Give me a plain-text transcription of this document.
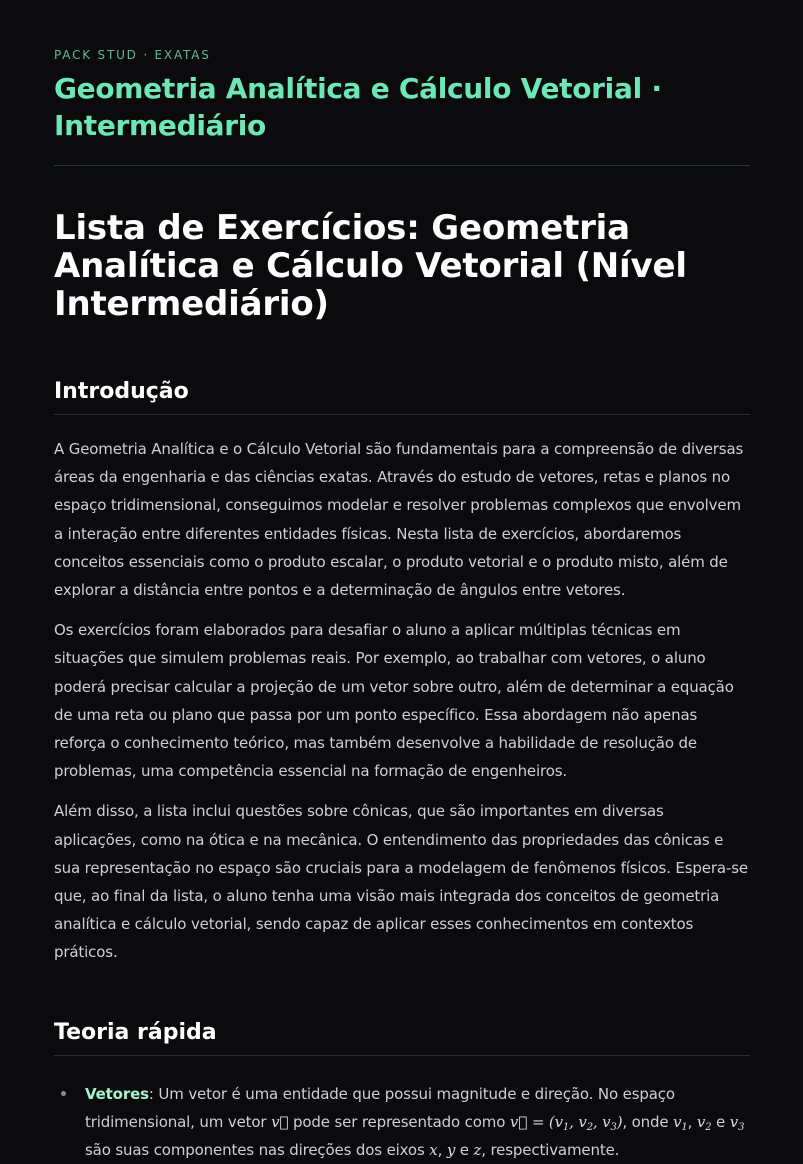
PACK STUD · EXATAS
Geometria Analítica e Cálculo Vetorial · Intermediário
Lista de Exercícios: Geometria Analítica e Cálculo Vetorial (Nível Intermediário)
Introdução

A Geometria Analítica e o Cálculo Vetorial são fundamentais para a compreensão de diversas áreas da engenharia e das ciências exatas. Através do estudo de vetores, retas e planos no espaço tridimensional, conseguimos modelar e resolver problemas complexos que envolvem a interação entre diferentes entidades físicas. Nesta lista de exercícios, abordaremos conceitos essenciais como o produto escalar, o produto vetorial e o produto misto, além de explorar a distância entre pontos e a determinação de ângulos entre vetores.

Os exercícios foram elaborados para desafiar o aluno a aplicar múltiplas técnicas em situações que simulem problemas reais. Por exemplo, ao trabalhar com vetores, o aluno poderá precisar calcular a projeção de um vetor sobre outro, além de determinar a equação de uma reta ou plano que passa por um ponto específico. Essa abordagem não apenas reforça o conhecimento teórico, mas também desenvolve a habilidade de resolução de problemas, uma competência essencial na formação de engenheiros.

Além disso, a lista inclui questões sobre cônicas, que são importantes em diversas aplicações, como na ótica e na mecânica. O entendimento das propriedades das cônicas e sua representação no espaço são cruciais para a modelagem de fenômenos físicos. Espera-se que, ao final da lista, o aluno tenha uma visão mais integrada dos conceitos de geometria analítica e cálculo vetorial, sendo capaz de aplicar esses conhecimentos em contextos práticos.

Teoria rápida
Vetores: Um vetor é uma entidade que possui magnitude e direção. No espaço tridimensional, um vetor v⃗ pode ser representado como v⃗ = ($v_1$, $v_2$, $v_3$), onde $v_1$, $v_2$ e $v_3$ são suas componentes nas direções dos eixos x, y e z, respectivamente.
